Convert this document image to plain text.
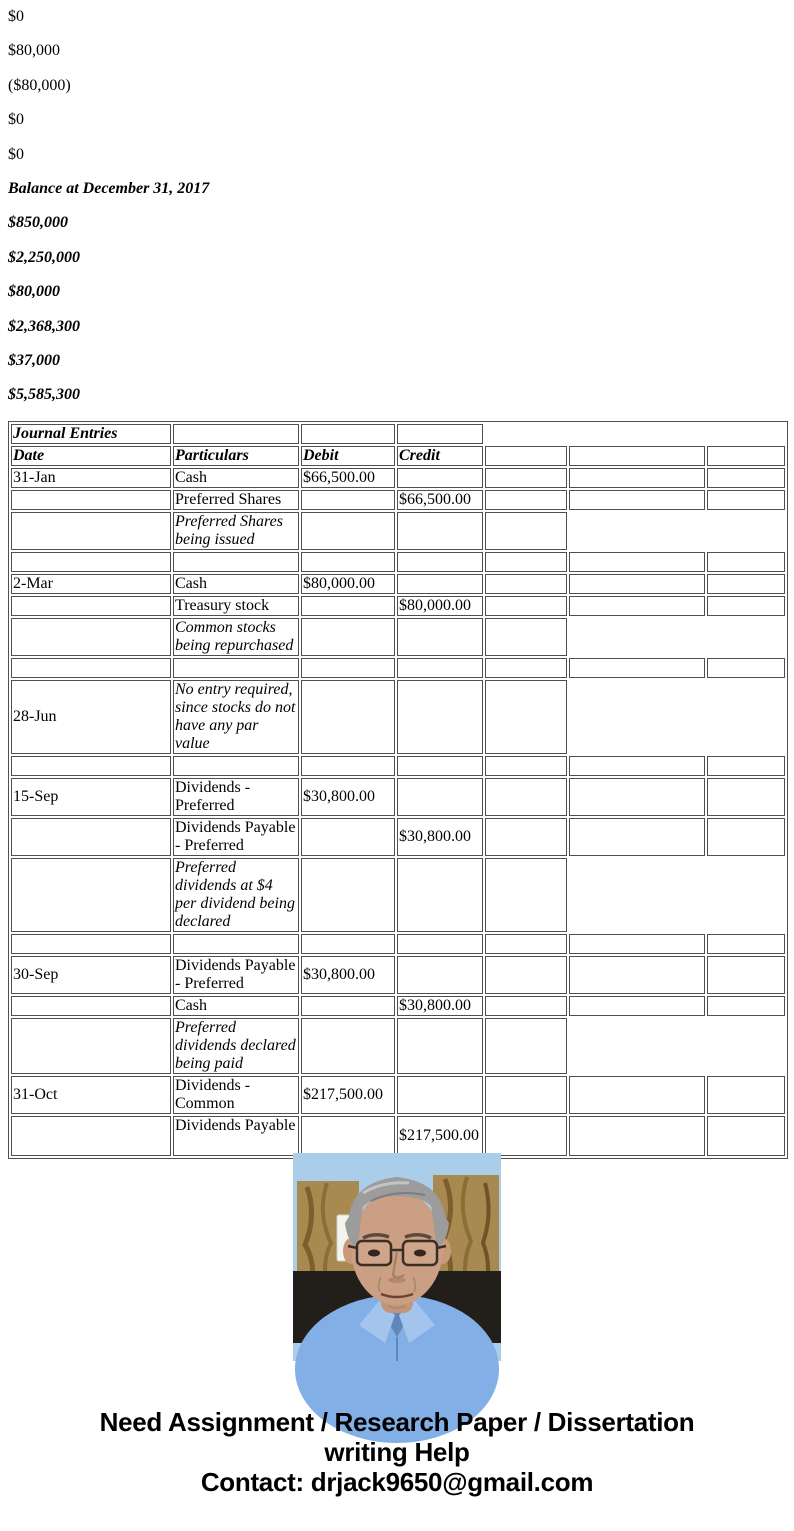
$0

$80,000

($80,000)

$0

$0

Balance at December 31, 2017

$850,000

$2,250,000

$80,000

$2,368,300

$37,000

$5,585,300

Journal Entries						
Date	Particulars	Debit	Credit			
31-Jan	Cash	$66,500.00				
	Preferred Shares		$66,500.00			
	Preferred Shares being issued					

2-Mar	Cash	$80,000.00				
	Treasury stock		$80,000.00			
	Common stocks being repurchased					

28-Jun	No entry required, since stocks do not have any par value					

15-Sep	Dividends - Preferred	$30,800.00				
	Dividends Payable - Preferred		$30,800.00			
	Preferred dividends at $4 per dividend being declared					

30-Sep	Dividends Payable - Preferred	$30,800.00				
	Cash		$30,800.00			
	Preferred dividends declared being paid					
31-Oct	Dividends - Common	$217,500.00				
	Dividends Payable		$217,500.00			
Need Assignment / Research Paper / Dissertation
writing Help
Contact: drjack9650@gmail.com
